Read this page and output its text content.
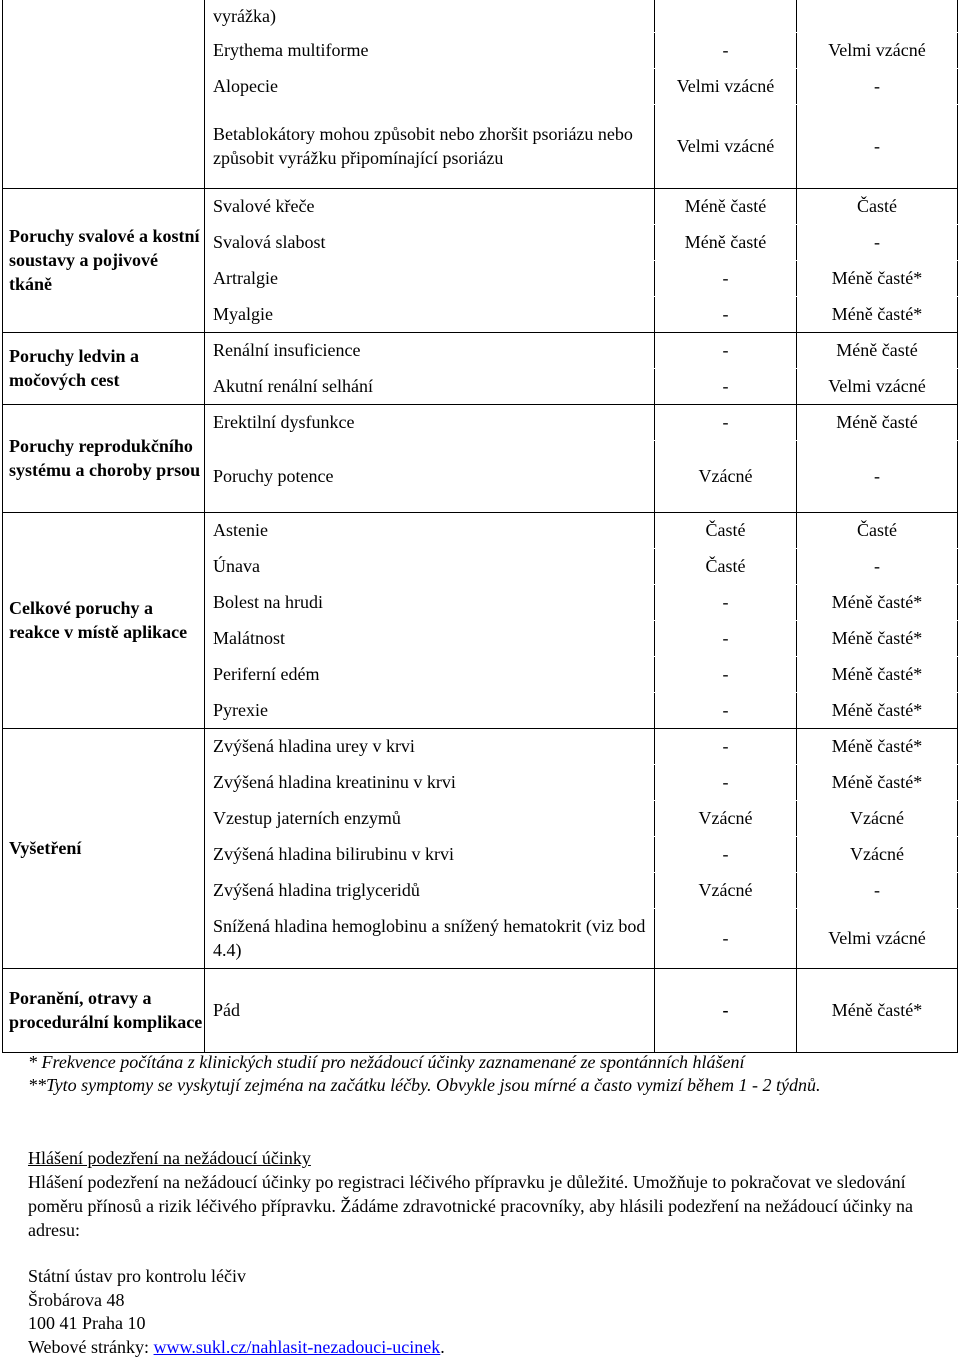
	vyrážka)		
	Erythema multiforme	-	Velmi vzácné
	Alopecie	Velmi vzácné	-
	Betablokátory mohou způsobit nebo zhoršit psoriázu nebo způsobit vyrážku připomínající psoriázu	Velmi vzácné	-
Poruchy svalové a kostní soustavy a pojivové tkáně	Svalové křeče	Méně časté	Časté
	Svalová slabost	Méně časté	-
	Artralgie	-	Méně časté*
	Myalgie	-	Méně časté*
Poruchy ledvin a močových cest	Renální insuficience	-	Méně časté
	Akutní renální selhání	-	Velmi vzácné
Poruchy reprodukčního systému a choroby prsou	Erektilní dysfunkce	-	Méně časté
	Poruchy potence	Vzácné	-
Celkové poruchy a reakce v místě aplikace	Astenie	Časté	Časté
	Únava	Časté	-
	Bolest na hrudi	-	Méně časté*
	Malátnost	-	Méně časté*
	Periferní edém	-	Méně časté*
	Pyrexie	-	Méně časté*
Vyšetření	Zvýšená hladina urey v krvi	-	Méně časté*
	Zvýšená hladina kreatininu v krvi	-	Méně časté*
	Vzestup jaterních enzymů	Vzácné	Vzácné
	Zvýšená hladina bilirubinu v krvi	-	Vzácné
	Zvýšená hladina triglyceridů	Vzácné	-
	Snížená hladina hemoglobinu a snížený hematokrit (viz bod 4.4)	-	Velmi vzácné
Poranění, otravy a procedurální komplikace	Pád	-	Méně časté*
* Frekvence počítána z klinických studií pro nežádoucí účinky zaznamenané ze spontánních hlášení
**Tyto symptomy se vyskytují zejména na začátku léčby. Obvykle jsou mírné a často vymizí během 1 - 2 týdnů.
Hlášení podezření na nežádoucí účinky
Hlášení podezření na nežádoucí účinky po registraci léčivého přípravku je důležité. Umožňuje to pokračovat ve sledování poměru přínosů a rizik léčivého přípravku. Žádáme zdravotnické pracovníky, aby hlásili podezření na nežádoucí účinky na adresu:
Státní ústav pro kontrolu léčiv
Šrobárova 48
100 41 Praha 10
Webové stránky: www.sukl.cz/nahlasit-nezadouci-ucinek.
